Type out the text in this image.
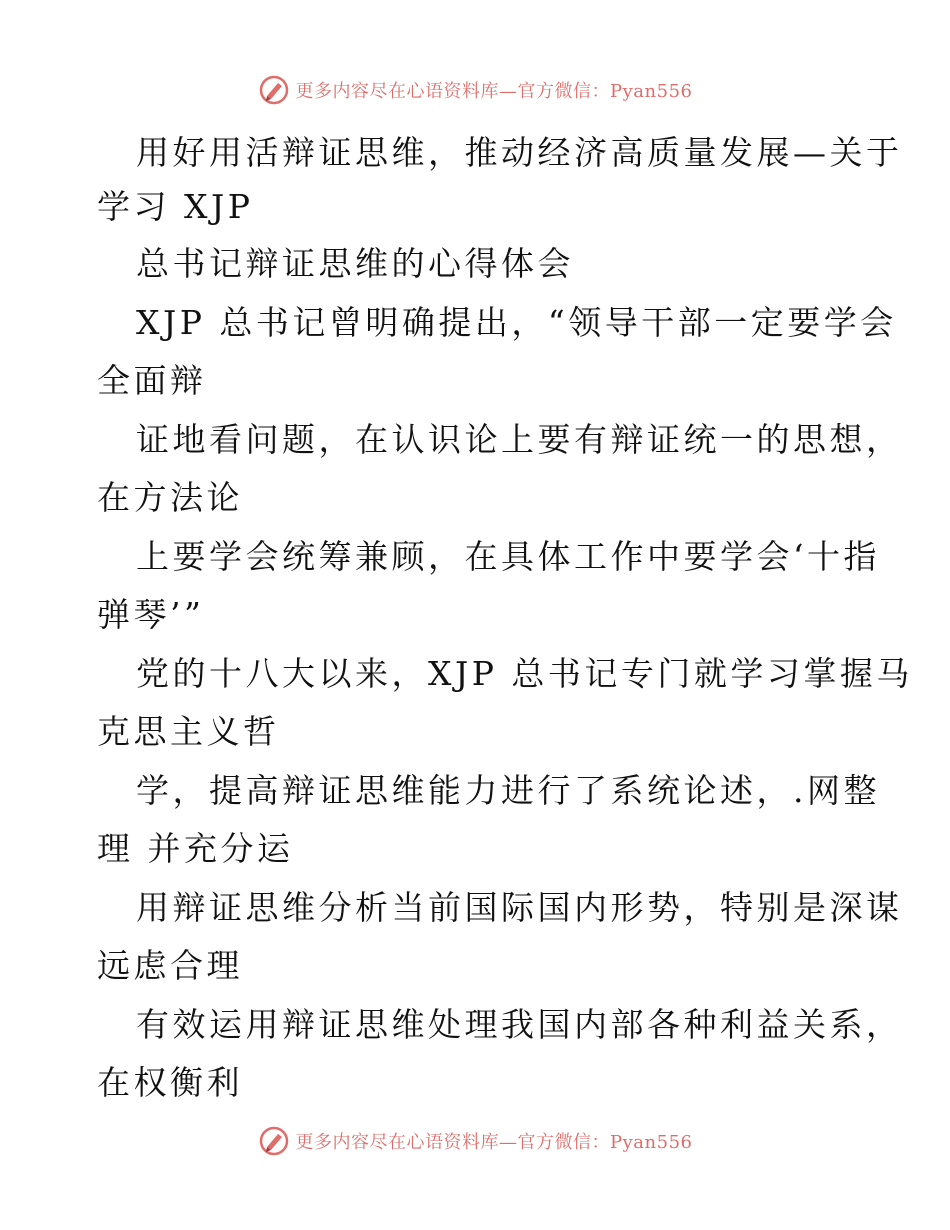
更多内容尽在心语资料库—官方微信：Pyan556
用好用活辩证思维，推动经济高质量发展—关于
学习 XJP
总书记辩证思维的心得体会
XJP 总书记曾明确提出，“领导干部一定要学会
全面辩
证地看问题，在认识论上要有辩证统一的思想，
在方法论
上要学会统筹兼顾，在具体工作中要学会‘十指
弹琴’”
党的十八大以来，XJP 总书记专门就学习掌握马
克思主义哲
学，提高辩证思维能力进行了系统论述，.网整
理 并充分运
用辩证思维分析当前国际国内形势，特别是深谋
远虑合理
有效运用辩证思维处理我国内部各种利益关系，
在权衡利
更多内容尽在心语资料库—官方微信：Pyan556
